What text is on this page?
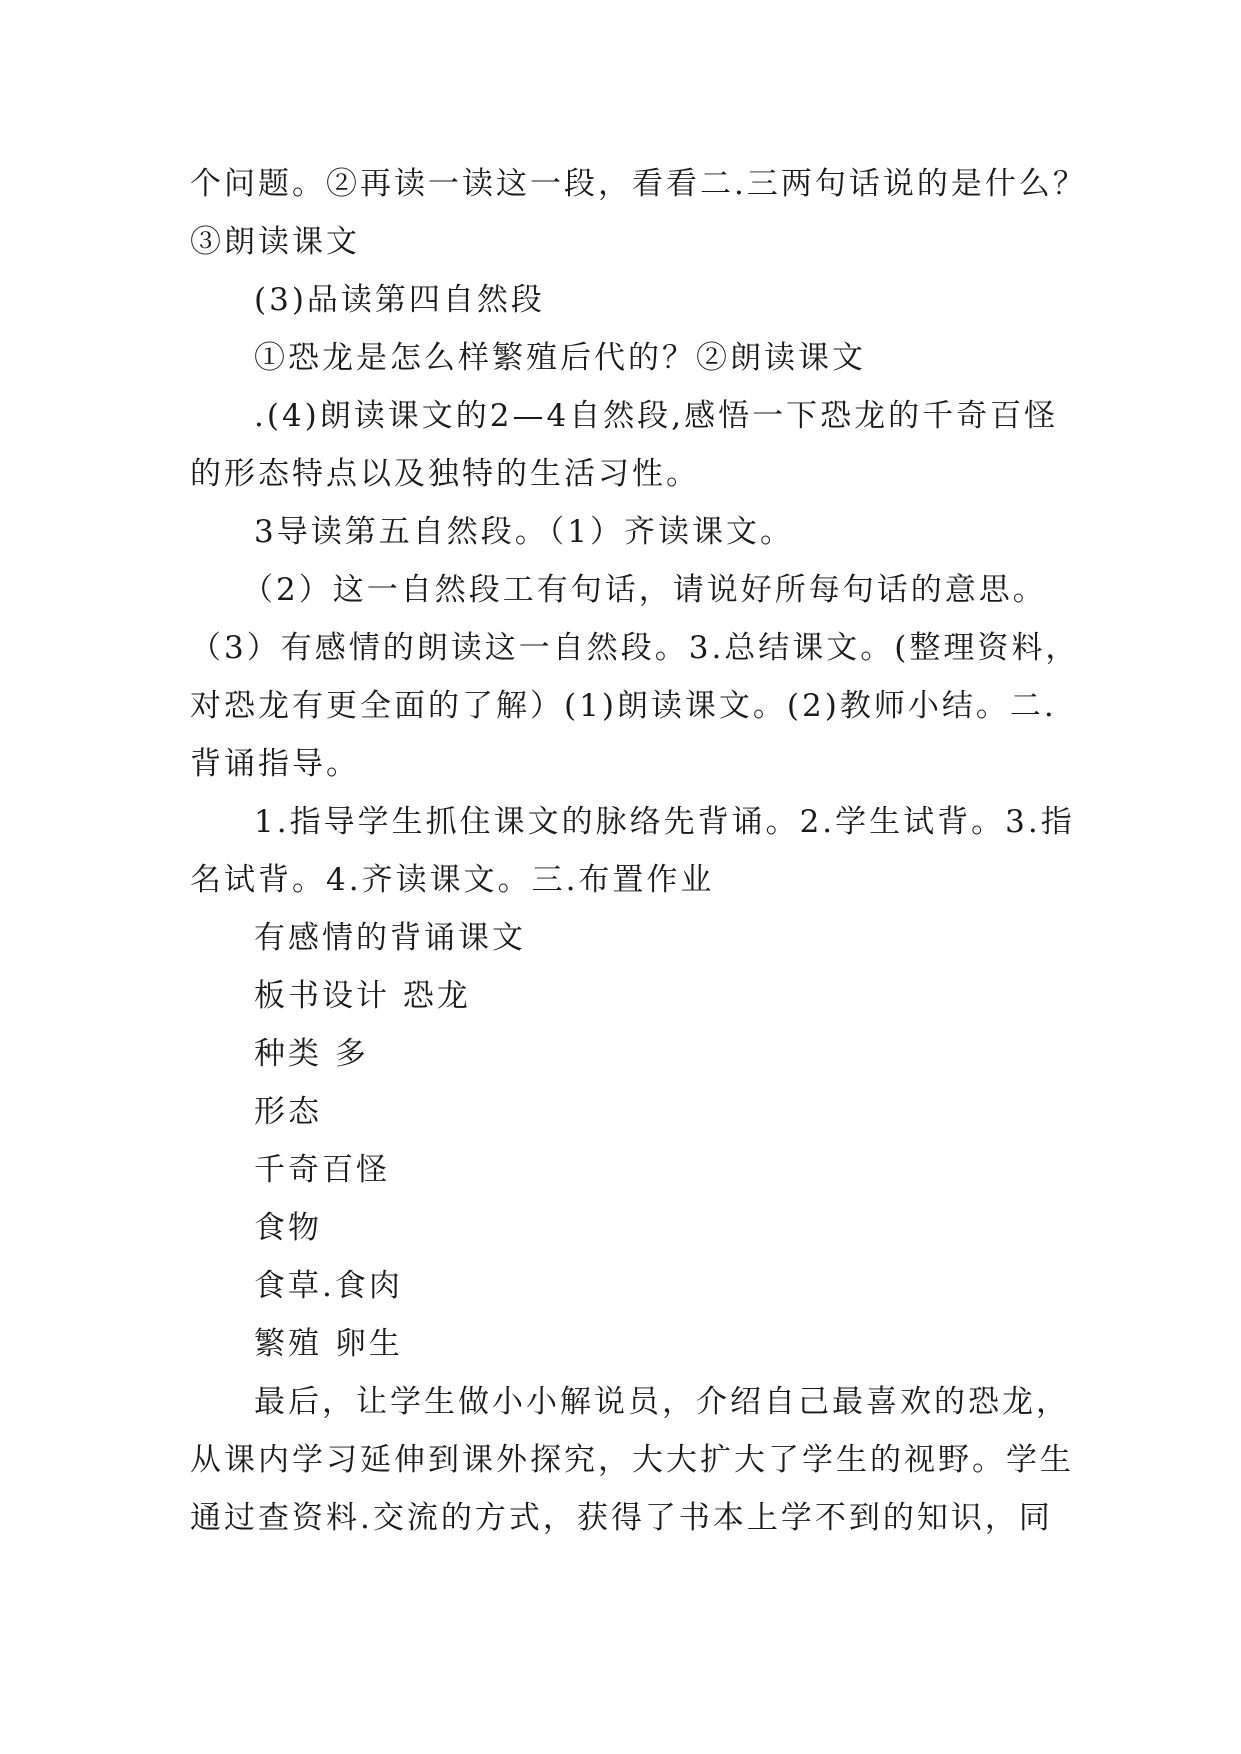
个问题。②再读一读这一段，看看二.三两句话说的是什么？
③朗读课文
(3)品读第四自然段
①恐龙是怎么样繁殖后代的？②朗读课文
.(4)朗读课文的2—4自然段,感悟一下恐龙的千奇百怪
的形态特点以及独特的生活习性。
3导读第五自然段。（1）齐读课文。
（2）这一自然段工有句话，请说好所每句话的意思。
（3）有感情的朗读这一自然段。3.总结课文。(整理资料，
对恐龙有更全面的了解）(1)朗读课文。(2)教师小结。二.
背诵指导。
1.指导学生抓住课文的脉络先背诵。2.学生试背。3.指
名试背。4.齐读课文。三.布置作业
有感情的背诵课文
板书设计 恐龙
种类 多
形态
千奇百怪
食物
食草.食肉
繁殖 卵生
最后，让学生做小小解说员，介绍自己最喜欢的恐龙，
从课内学习延伸到课外探究，大大扩大了学生的视野。学生
通过查资料.交流的方式，获得了书本上学不到的知识，同
